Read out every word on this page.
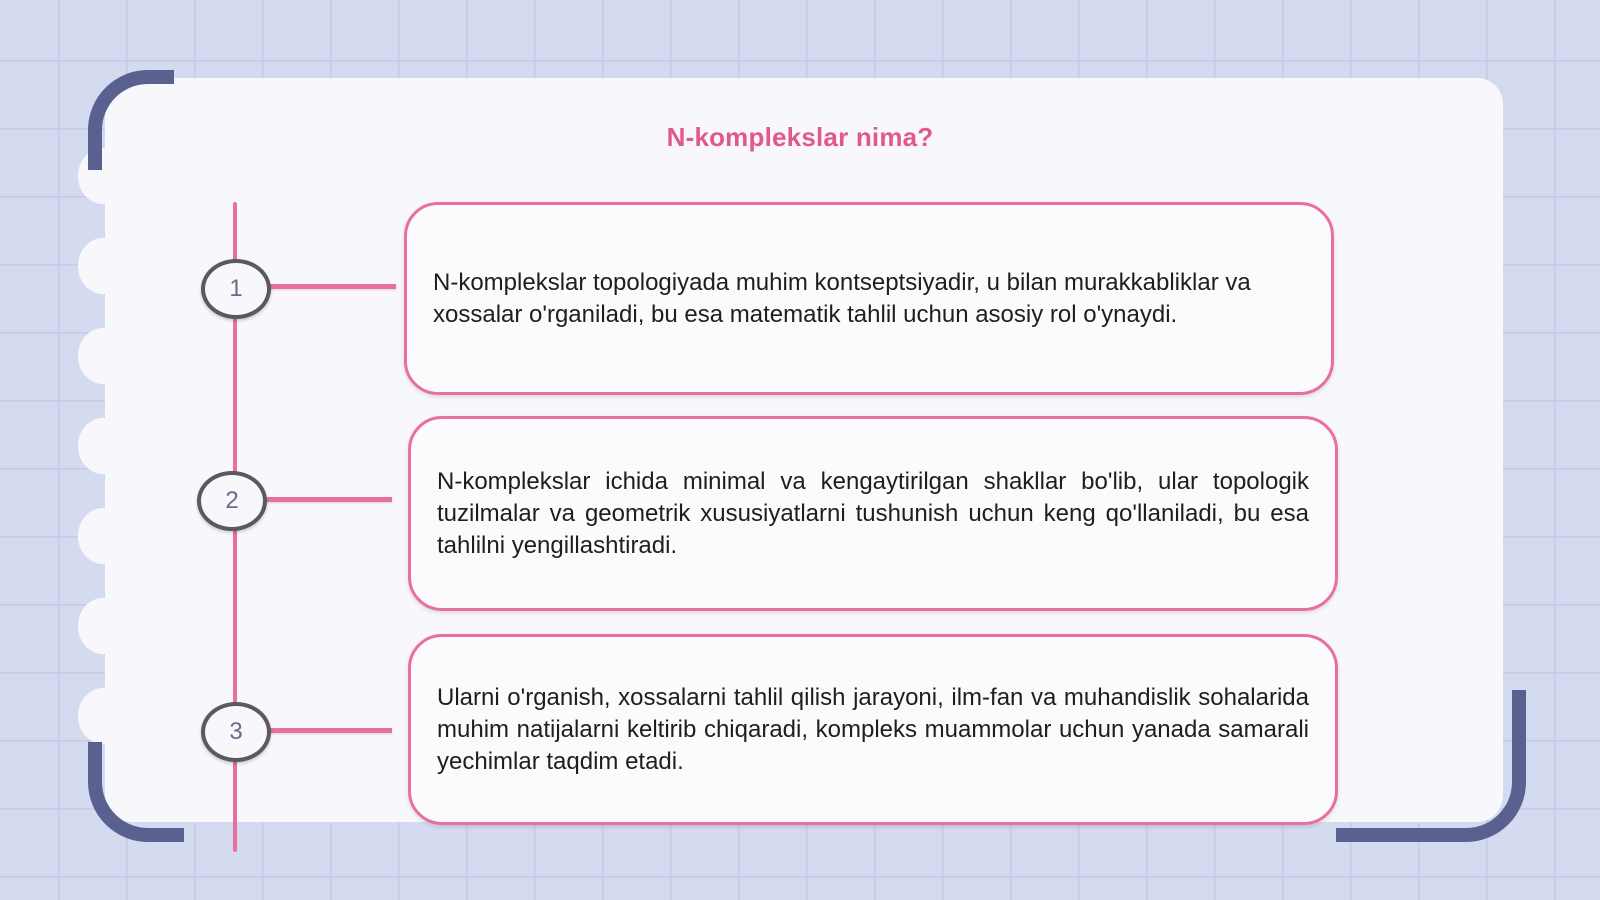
N-komplekslar nima?
1
2
3
N-komplekslar topologiyada muhim kontseptsiyadir, u bilan murakkabliklar va xossalar o'rganiladi, bu esa matematik tahlil uchun asosiy rol o'ynaydi.
N-komplekslar ichida minimal va kengaytirilgan shakllar bo'lib, ular topologik tuzilmalar va geometrik xususiyatlarni tushunish uchun keng qo'llaniladi, bu esa tahlilni yengillashtiradi.
Ularni o'rganish, xossalarni tahlil qilish jarayoni, ilm-fan va muhandislik sohalarida muhim natijalarni keltirib chiqaradi, kompleks muammolar uchun yanada samarali yechimlar taqdim etadi.
